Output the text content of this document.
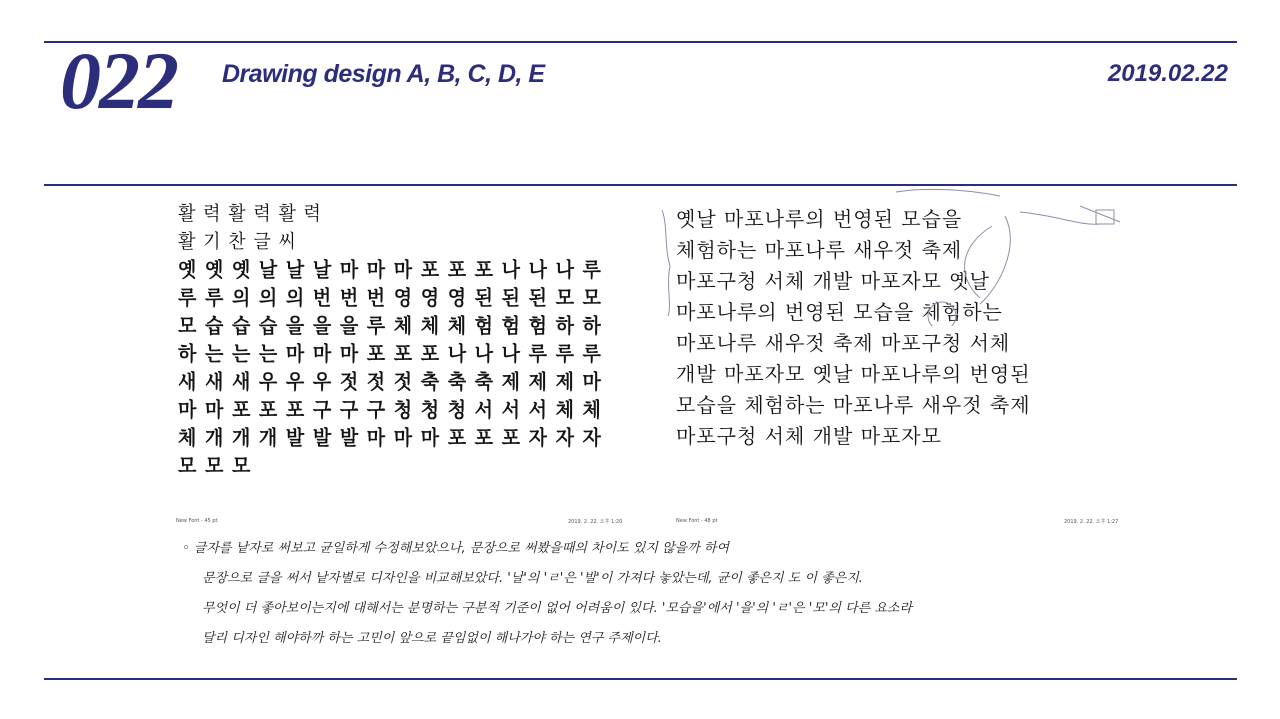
022 Drawing design A, B, C, D, E	2019.02.22
활 력 활 력 활 력
활 기 찬 글 씨
옛 옛 옛 날 날 날 마 마 마 포 포 포 나 나 나 루
루 루 의 의 의 번 번 번 영 영 영 된 된 된 모 모
모 습 습 습 을 을 을 루 체 체 체 험 험 험 하 하
하 는 는 는 마 마 마 포 포 포 나 나 나 루 루 루
새 새 새 우 우 우 젓 젓 젓 축 축 축 제 제 제 마
마 마 포 포 포 구 구 구 청 청 청 서 서 서 체 체
체 개 개 개 발 발 발 마 마 마 포 포 포 자 자 자
모 모 모
New Font - 45 pt	2019. 2. 22. 오후 1:20
옛날 마포나루의 번영된 모습을
체험하는 마포나루 새우젓 축제
마포구청 서체 개발 마포자모 옛날
마포나루의 번영된 모습을 체험하는
마포나루 새우젓 축제 마포구청 서체
개발 마포자모 옛날 마포나루의 번영된
모습을 체험하는 마포나루 새우젓 축제
마포구청 서체 개발 마포자모
New Font - 48 pt	2019. 2. 22. 오후 1:27
◦ 글자를 낱자로 써보고 균일하게 수정해보았으나, 문장으로 써봤을때의 차이도 있지 않을까 하여
문장으로 글을 써서 낱자별로 디자인을 비교해보았다. '날'의 'ㄹ'은 '발'이 가져다 놓았는데, 균이 좋은지 도 이 좋은지.
무엇이 더 좋아보이는지에 대해서는 분명하는 구분적 기준이 없어 어려움이 있다. '모습을'에서 '을'의 'ㄹ'은 '모'의 다른 요소라
달리 디자인 해야하까 하는 고민이 앞으로 끝임없이 해나가야 하는 연구 주제이다.
